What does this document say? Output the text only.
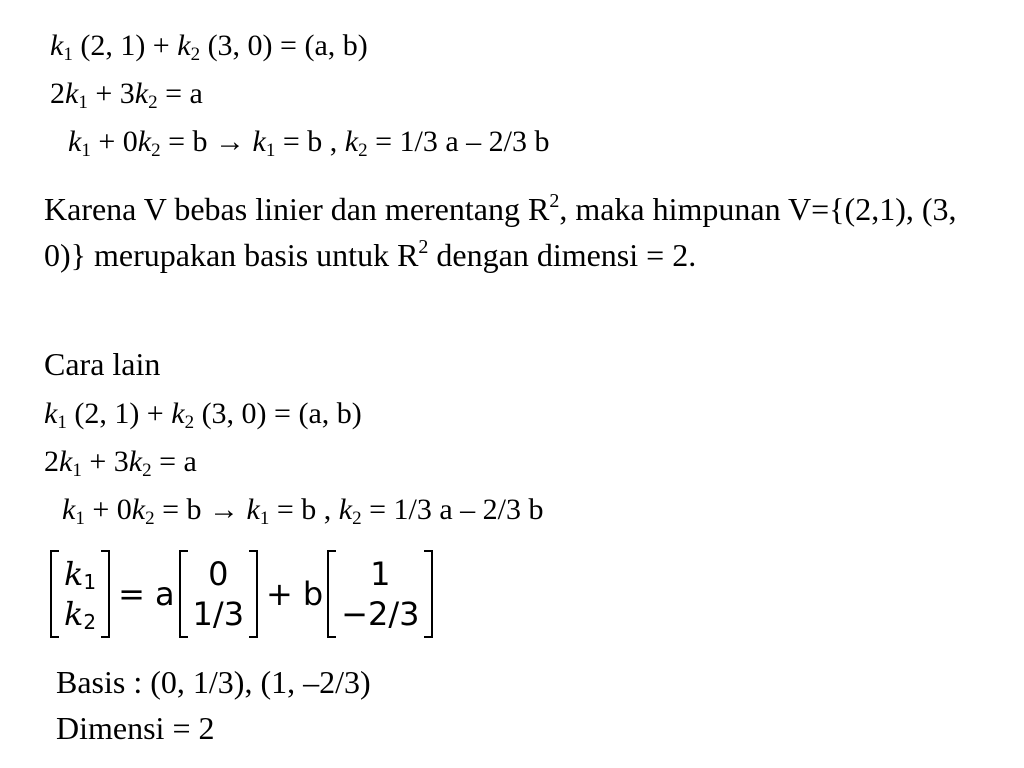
$k_1$ (2, $1) + k_2$ (3, 0) = (a, b)
$2k_1 + 3k_2 = a$
$k_1 + 0k_2 = b \to k_1 = b$ , $k_2 = 1/3$ a – 2/3 b

Karena V bebas linier dan merentang $R^2$, maka himpunan V={(2,1), (3, 0)} merupakan basis untuk $R^2$ dengan dimensi = 2.

Cara lain
$k_1$ (2, $1) + k_2$ (3, 0) = (a, b)
$2k_1 + 3k_2 = a$
$k_1 + 0k_2 = b \to k_1 = b$ , $k_2 = 1/3$ a – 2/3 b
$k_1$
$k_2$
= a
0
1/3
+ b
1
−2/3
Basis : (0, 1/3), (1, –2/3)
Dimensi = 2
